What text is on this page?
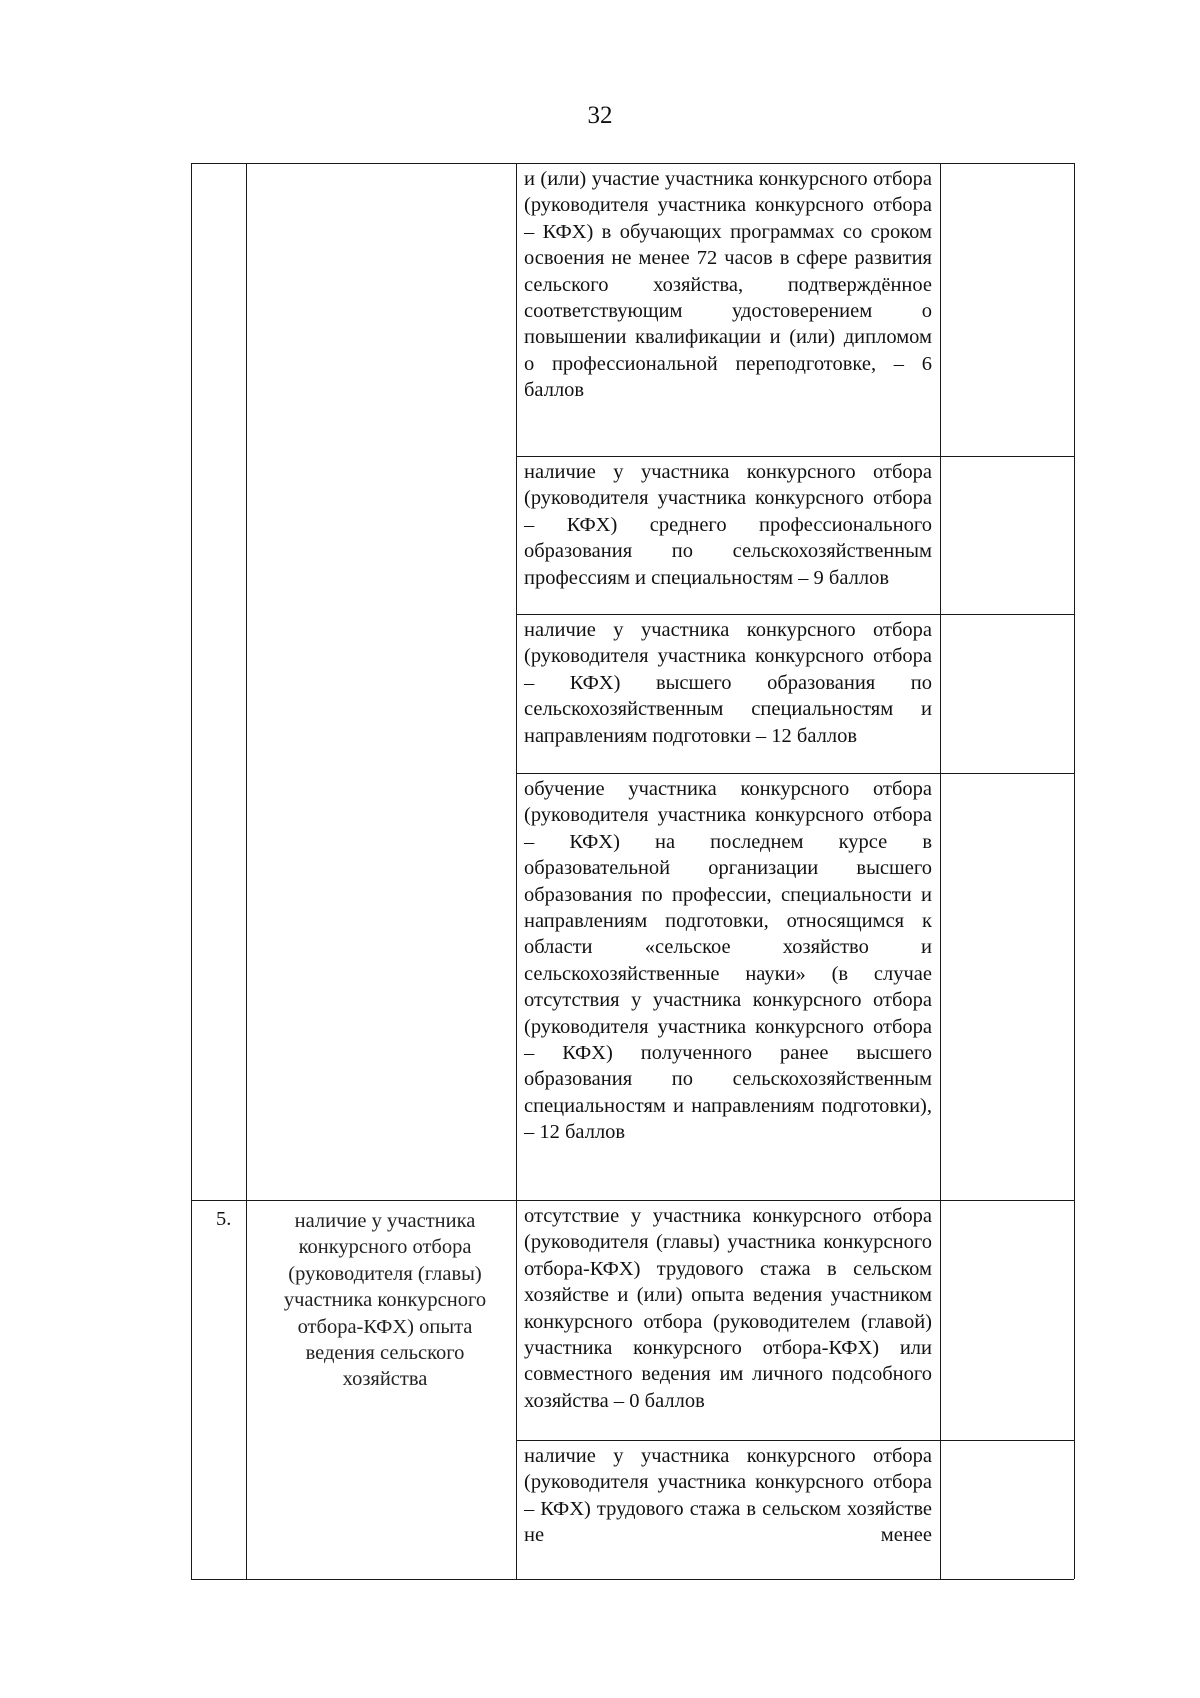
32
и (или) участие участника конкурсного отбора (руководителя участника конкурсного отбора – КФХ) в обучающих программах со сроком освоения не менее 72 часов в сфере развития сельского хозяйства, подтверждённое соответствующим удостоверением о повышении квалификации и (или) дипломом о профессиональной переподготовке, – 6 баллов
наличие у участника конкурсного отбора (руководителя участника конкурсного отбора – КФХ) среднего профессионального образования по сельскохозяйственным профессиям и специальностям – 9 баллов
наличие у участника конкурсного отбора (руководителя участника конкурсного отбора – КФХ) высшего образования по сельскохозяйственным специальностям и направлениям подготовки – 12 баллов
обучение участника конкурсного отбора (руководителя участника конкурсного отбора – КФХ) на последнем курсе в образовательной организации высшего образования по профессии, специальности и направлениям подготовки, относящимся к области «сельское хозяйство и сельскохозяйственные науки» (в случае отсутствия у участника конкурсного отбора (руководителя участника конкурсного отбора – КФХ) полученного ранее высшего образования по сельскохозяйственным специальностям и направлениям подготовки), – 12 баллов
5.	наличие у участника конкурсного отбора (руководителя (главы) участника конкурсного отбора-КФХ) опыта ведения сельского хозяйства
отсутствие у участника конкурсного отбора (руководителя (главы) участника конкурсного отбора-КФХ) трудового стажа в сельском хозяйстве и (или) опыта ведения участником конкурсного отбора (руководителем (главой) участника конкурсного отбора-КФХ) или совместного ведения им личного подсобного хозяйства – 0 баллов
наличие у участника конкурсного отбора (руководителя участника конкурсного отбора – КФХ) трудового стажа в сельском хозяйстве не менее
